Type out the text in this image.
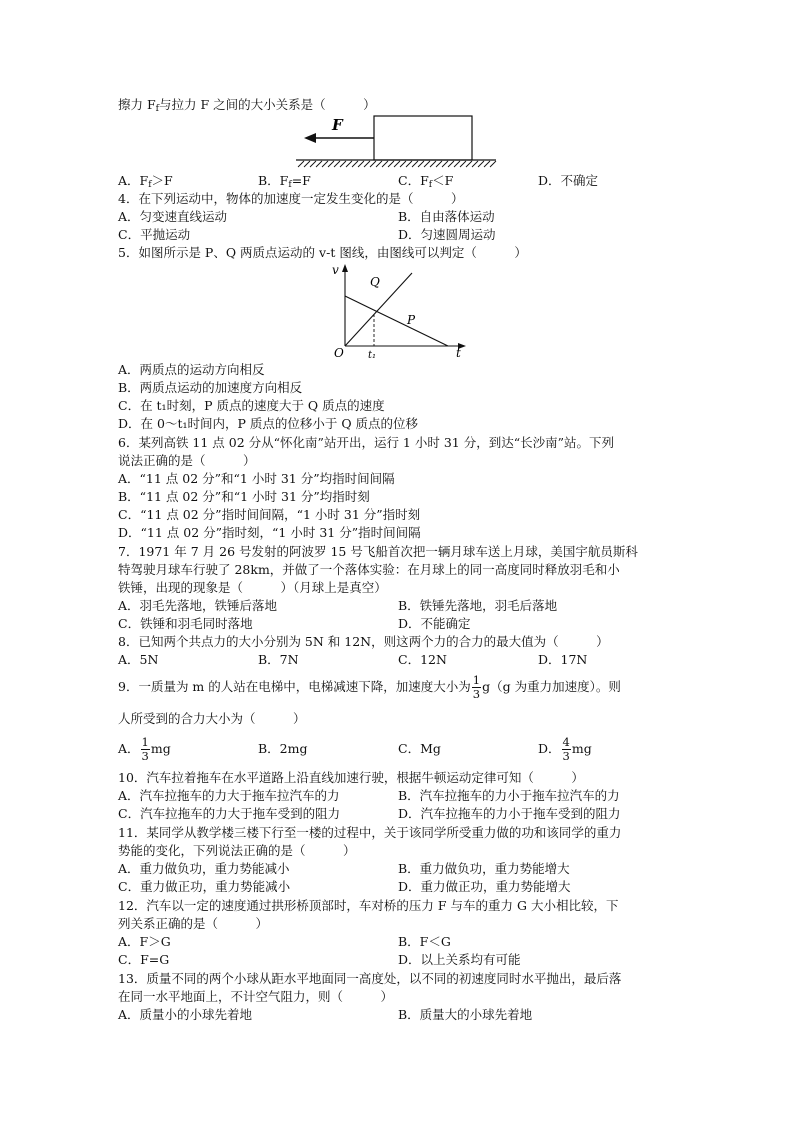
擦力 $F_f$与拉力 F 之间的大小关系是（　　　）
F
A．$F_f>F$	B．$F_f=F$	C．$F_f<F$	D．不确定
4．在下列运动中，物体的加速度一定发生变化的是（　　　）
A．匀变速直线运动	B．自由落体运动
C．平抛运动	D．匀速圆周运动
5．如图所示是 P、Q 两质点运动的 v-t 图线，由图线可以判定（　　　）
v
Q
P
O t₁	t
A．两质点的运动方向相反
B．两质点运动的加速度方向相反
C．在 t₁时刻，P 质点的速度大于 Q 质点的速度
D．在 0～t₁时间内，P 质点的位移小于 Q 质点的位移
6．某列高铁 11 点 02 分从“怀化南”站开出，运行 1 小时 31 分，到达“长沙南”站。下列
说法正确的是（　　　）
A．“11 点 02 分”和“1 小时 31 分”均指时间间隔
B．“11 点 02 分”和“1 小时 31 分”均指时刻
C．“11 点 02 分”指时间间隔，“1 小时 31 分”指时刻
D．“11 点 02 分”指时刻，“1 小时 31 分”指时间间隔
7．1971 年 7 月 26 号发射的阿波罗 15 号飞船首次把一辆月球车送上月球，美国宇航员斯科
特驾驶月球车行驶了 28km，并做了一个落体实验：在月球上的同一高度同时释放羽毛和小
铁锤，出现的现象是（　　　）（月球上是真空）
A．羽毛先落地，铁锤后落地	B．铁锤先落地，羽毛后落地
C．铁锤和羽毛同时落地	D．不能确定
8．已知两个共点力的大小分别为 5N 和 12N，则这两个力的合力的最大值为（　　　）
A．5N	B．7N	C．12N	D．17N
9．一质量为 m 的人站在电梯中，电梯减速下降，加速度大小为 $\frac{1}{3} g(g$ 为重力加速度）。则
人所受到的合力大小为（　　　）
A． $\frac{1}{3}$ mg	B．2mg	C．Mg	D． $\frac{4}{3}$ mg
10．汽车拉着拖车在水平道路上沿直线加速行驶，根据牛顿运动定律可知（　　　）
A．汽车拉拖车的力大于拖车拉汽车的力	B．汽车拉拖车的力小于拖车拉汽车的力
C．汽车拉拖车的力大于拖车受到的阻力	D．汽车拉拖车的力小于拖车受到的阻力
11．某同学从教学楼三楼下行至一楼的过程中，关于该同学所受重力做的功和该同学的重力
势能的变化，下列说法正确的是（　　　）
A．重力做负功，重力势能减小	B．重力做负功，重力势能增大
C．重力做正功，重力势能减小	D．重力做正功，重力势能增大
12．汽车以一定的速度通过拱形桥顶部时，车对桥的压力 F 与车的重力 G 大小相比较，下
列关系正确的是（　　　）
A．F＞G	B．F＜G
C．F=G	D．以上关系均有可能
13．质量不同的两个小球从距水平地面同一高度处，以不同的初速度同时水平抛出，最后落
在同一水平地面上，不计空气阻力，则（　　　）
A．质量小的小球先着地	B．质量大的小球先着地
